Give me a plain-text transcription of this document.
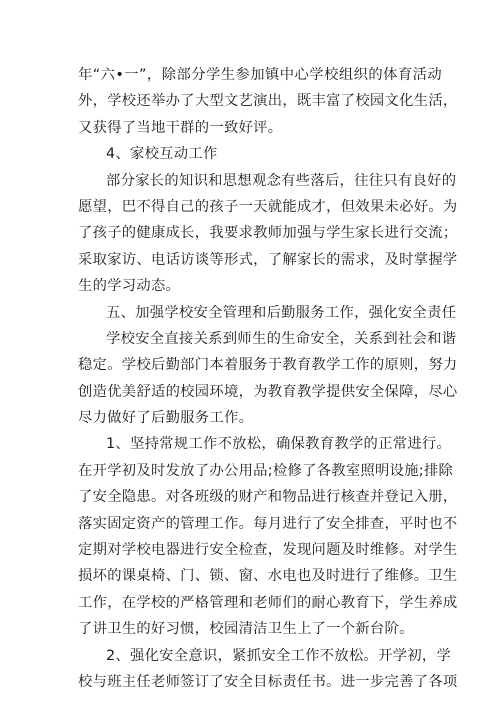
年“六•一”，除部分学生参加镇中心学校组织的体育活动
外，学校还举办了大型文艺演出，既丰富了校园文化生活，
又获得了当地干群的一致好评。
4、家校互动工作
部分家长的知识和思想观念有些落后，往往只有良好的
愿望，巴不得自己的孩子一天就能成才，但效果未必好。为
了孩子的健康成长，我要求教师加强与学生家长进行交流；
采取家访、电话访谈等形式，了解家长的需求，及时掌握学
生的学习动态。
五、加强学校安全管理和后勤服务工作，强化安全责任
学校安全直接关系到师生的生命安全，关系到社会和谐
稳定。学校后勤部门本着服务于教育教学工作的原则，努力
创造优美舒适的校园环境，为教育教学提供安全保障，尽心
尽力做好了后勤服务工作。
1、坚持常规工作不放松，确保教育教学的正常进行。
在开学初及时发放了办公用品;检修了各教室照明设施;排除
了安全隐患。对各班级的财产和物品进行核查并登记入册，
落实固定资产的管理工作。每月进行了安全排查，平时也不
定期对学校电器进行安全检查，发现问题及时维修。对学生
损坏的课桌椅、门、锁、窗、水电也及时进行了维修。卫生
工作，在学校的严格管理和老师们的耐心教育下，学生养成
了讲卫生的好习惯，校园清洁卫生上了一个新台阶。
2、强化安全意识，紧抓安全工作不放松。开学初，学
校与班主任老师签订了安全目标责任书。进一步完善了各项
